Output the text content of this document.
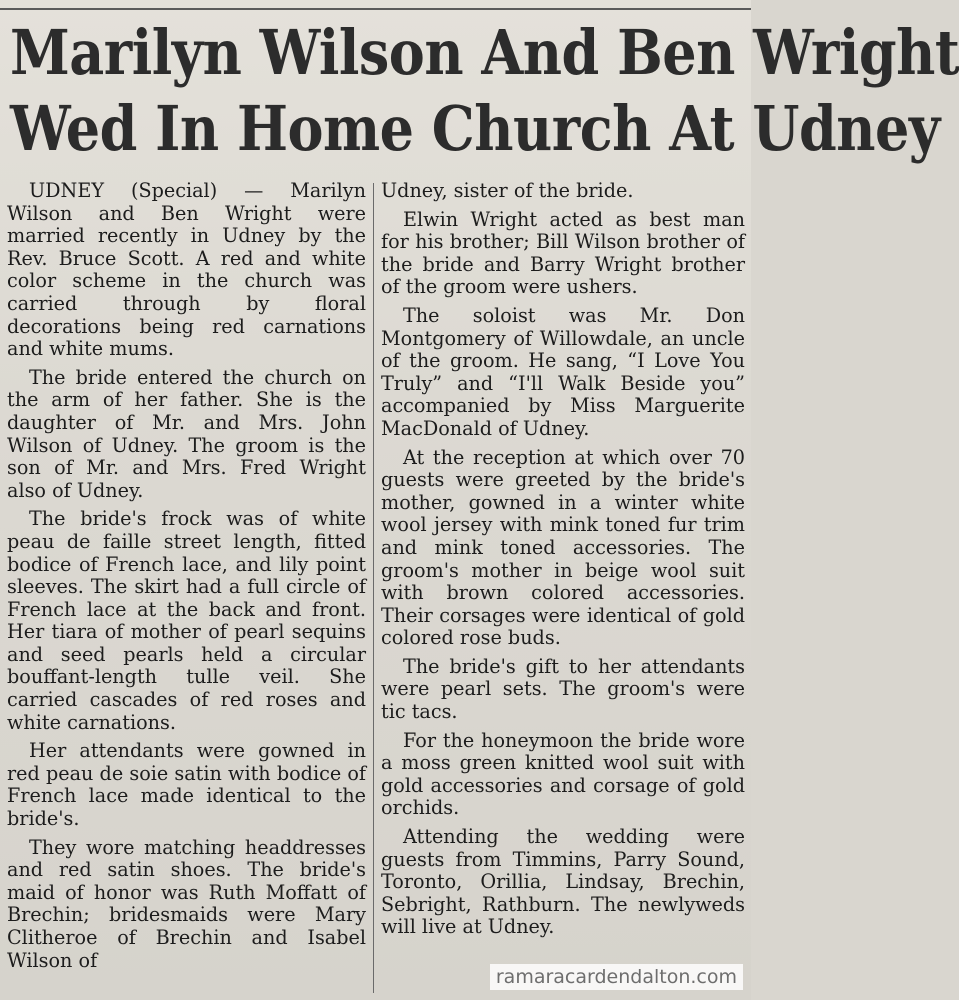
Marilyn Wilson And Ben Wright
Wed In Home Church At Udney

UDNEY (Special) — Marilyn Wilson and Ben Wright were married recently in Udney by the Rev. Bruce Scott. A red and white color scheme in the church was carried through by floral decorations being red carnations and white mums.

The bride entered the church on the arm of her father. She is the daughter of Mr. and Mrs. John Wilson of Udney. The groom is the son of Mr. and Mrs. Fred Wright also of Udney.

The bride's frock was of white peau de faille street length, fitted bodice of French lace, and lily point sleeves. The skirt had a full circle of French lace at the back and front. Her tiara of mother of pearl sequins and seed pearls held a circular bouffant-length tulle veil. She carried cascades of red roses and white carnations.

Her attendants were gowned in red peau de soie satin with bodice of French lace made identical to the bride's.

They wore matching headdresses and red satin shoes. The bride's maid of honor was Ruth Moffatt of Brechin; bridesmaids were Mary Clitheroe of Brechin and Isabel Wilson of

Udney, sister of the bride.

Elwin Wright acted as best man for his brother; Bill Wilson brother of the bride and Barry Wright brother of the groom were ushers.

The soloist was Mr. Don Montgomery of Willowdale, an uncle of the groom. He sang, “I Love You Truly” and “I'll Walk Beside you” accompanied by Miss Marguerite MacDonald of Udney.

At the reception at which over 70 guests were greeted by the bride's mother, gowned in a winter white wool jersey with mink toned fur trim and mink toned accessories. The groom's mother in beige wool suit with brown colored accessories. Their corsages were identical of gold colored rose buds.

The bride's gift to her attendants were pearl sets. The groom's were tic tacs.

For the honeymoon the bride wore a moss green knitted wool suit with gold accessories and corsage of gold orchids.

Attending the wedding were guests from Timmins, Parry Sound, Toronto, Orillia, Lindsay, Brechin, Sebright, Rathburn. The newlyweds will live at Udney.

ramaracardendalton.com
